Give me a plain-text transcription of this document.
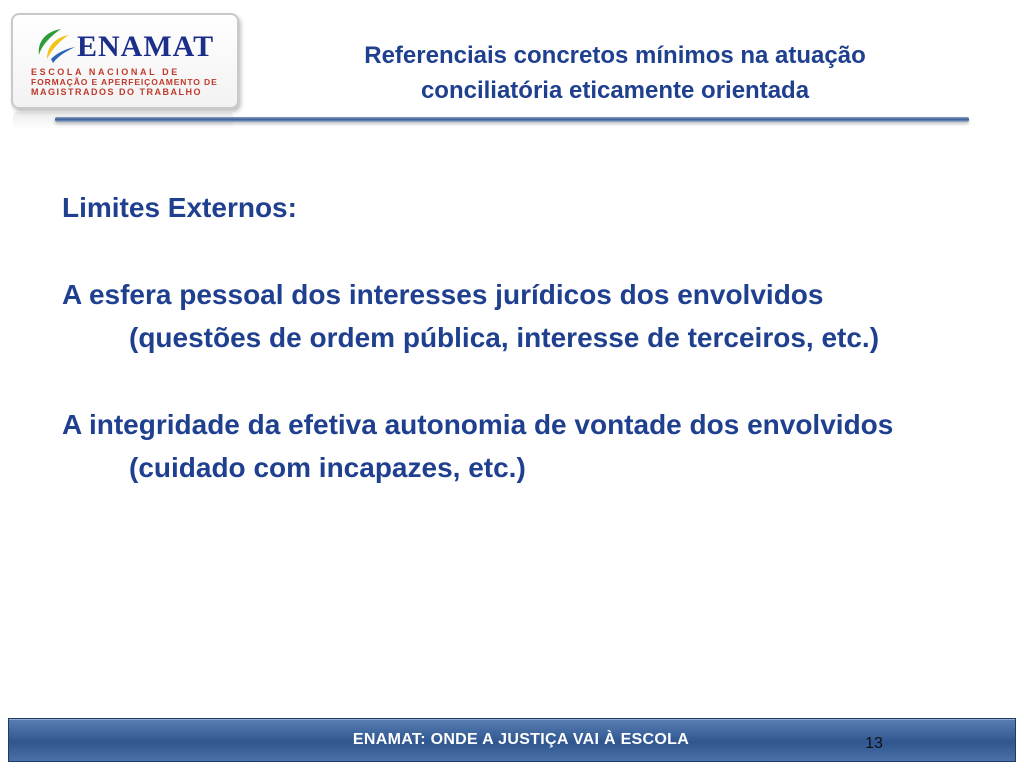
ENAMAT
ESCOLA NACIONAL DE
FORMAÇÃO E APERFEIÇOAMENTO DE
MAGISTRADOS DO TRABALHO
Referenciais concretos mínimos na atuação
conciliatória eticamente orientada

Limites Externos:

A esfera pessoal dos interesses jurídicos dos envolvidos (questões de ordem pública, interesse de terceiros, etc.)

A integridade da efetiva autonomia de vontade dos envolvidos (cuidado com incapazes, etc.)

ENAMAT: ONDE A JUSTIÇA VAI À ESCOLA	13
